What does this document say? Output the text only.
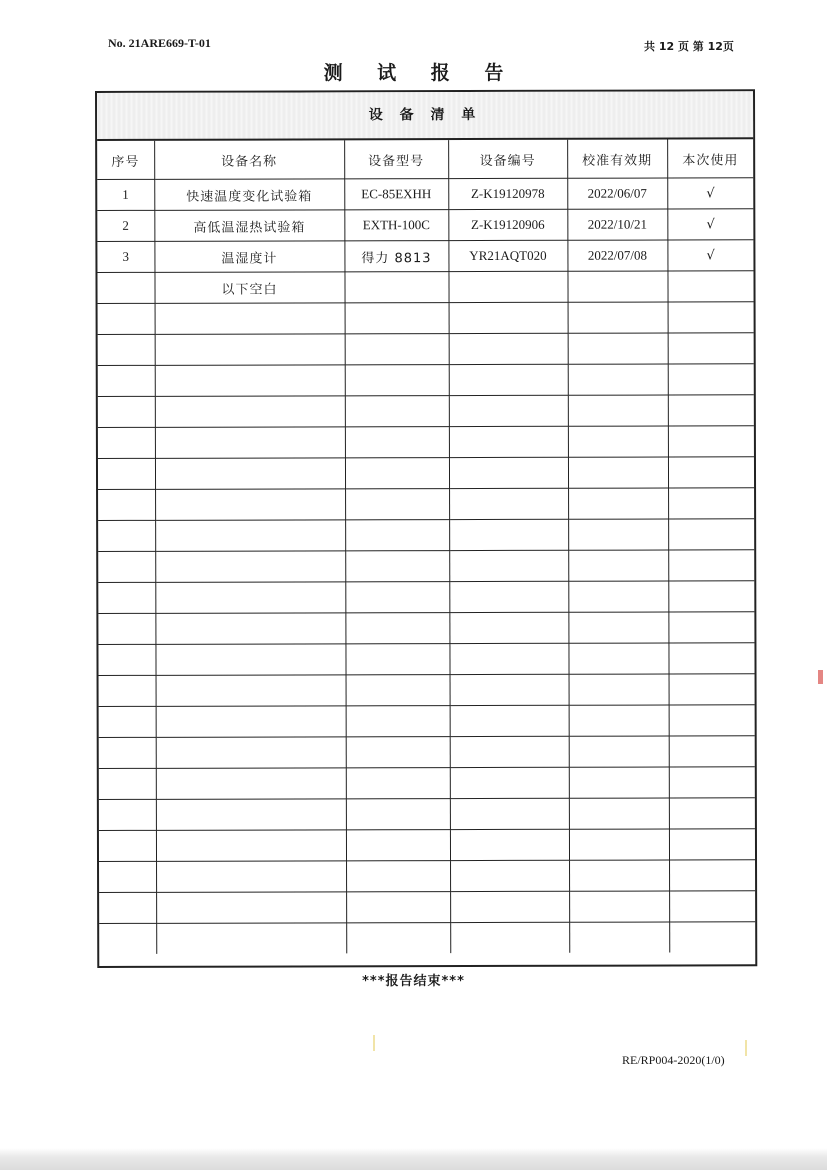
No. 21ARE669-T-01	共 12 页 第 12页
测 试 报 告
设 备 清 单
序号	设备名称	设备型号	设备编号	校准有效期	本次使用
1	快速温度变化试验箱	EC-85EXHH	Z-K19120978	2022/06/07	√
2	高低温湿热试验箱	EXTH-100C	Z-K19120906	2022/10/21	√
3	温湿度计	得力 8813	YR21AQT020	2022/07/08	√
	以下空白				

***报告结束***
RE/RP004-2020(1/0)
